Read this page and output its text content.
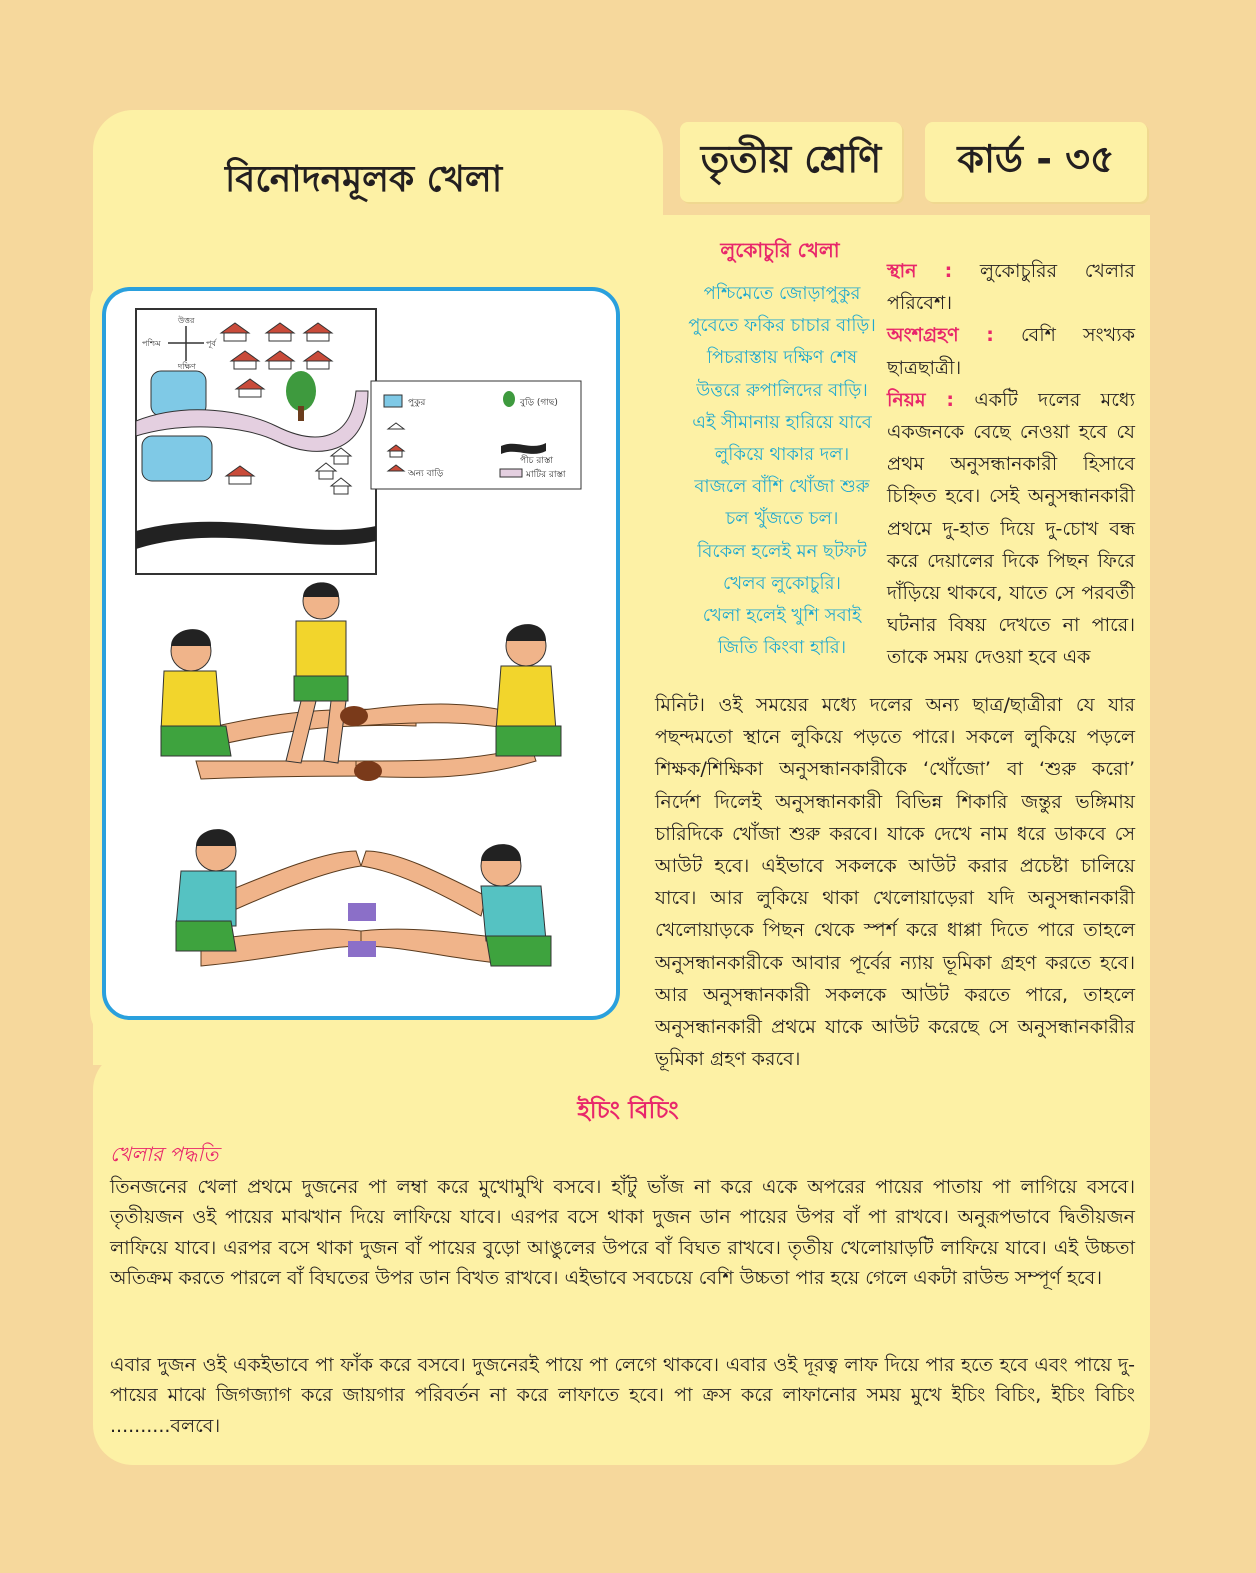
বিনোদনমূলক খেলা	তৃতীয় শ্রেণি	কার্ড - ৩৫
উত্তর
পশ্চিম	পূর্ব
দক্ষিণ
পুকুর	বুড়ি (গাছ)
পীচ রাস্তা
অন্য বাড়ি	মাটির রাস্তা
লুকোচুরি খেলা
পশ্চিমেতে জোড়াপুকুর
পুবেতে ফকির চাচার বাড়ি।
পিচরাস্তায় দক্ষিণ শেষ
উত্তরে রুপালিদের বাড়ি।
এই সীমানায় হারিয়ে যাবে
লুকিয়ে থাকার দল।
বাজলে বাঁশি খোঁজা শুরু
চল খুঁজতে চল।
বিকেল হলেই মন ছটফট
খেলব লুকোচুরি।
খেলা হলেই খুশি সবাই
জিতি কিংবা হারি।

স্থান : লুকোচুরির খেলার পরিবেশ।

অংশগ্রহণ : বেশি সংখ্যক ছাত্রছাত্রী।

নিয়ম : একটি দলের মধ্যে একজনকে বেছে নেওয়া হবে যে প্রথম অনুসন্ধানকারী হিসাবে চিহ্নিত হবে। সেই অনুসন্ধানকারী প্রথমে দু-হাত দিয়ে দু-চোখ বন্ধ করে দেয়ালের দিকে পিছন ফিরে দাঁড়িয়ে থাকবে, যাতে সে পরবর্তী ঘটনার বিষয় দেখতে না পারে। তাকে সময় দেওয়া হবে এক

মিনিট। ওই সময়ের মধ্যে দলের অন্য ছাত্র/ছাত্রীরা যে যার পছন্দমতো স্থানে লুকিয়ে পড়তে পারে। সকলে লুকিয়ে পড়লে শিক্ষক/শিক্ষিকা অনুসন্ধানকারীকে ‘খোঁজো’ বা ‘শুরু করো’ নির্দেশ দিলেই অনুসন্ধানকারী বিভিন্ন শিকারি জন্তুর ভঙ্গিমায় চারিদিকে খোঁজা শুরু করবে। যাকে দেখে নাম ধরে ডাকবে সে আউট হবে। এইভাবে সকলকে আউট করার প্রচেষ্টা চালিয়ে যাবে। আর লুকিয়ে থাকা খেলোয়াড়েরা যদি অনুসন্ধানকারী খেলোয়াড়কে পিছন থেকে স্পর্শ করে ধাপ্পা দিতে পারে তাহলে অনুসন্ধানকারীকে আবার পূর্বের ন্যায় ভূমিকা গ্রহণ করতে হবে। আর অনুসন্ধানকারী সকলকে আউট করতে পারে, তাহলে অনুসন্ধানকারী প্রথমে যাকে আউট করেছে সে অনুসন্ধানকারীর ভূমিকা গ্রহণ করবে।
ইচিং বিচিং
খেলার পদ্ধতি

তিনজনের খেলা প্রথমে দুজনের পা লম্বা করে মুখোমুখি বসবে। হাঁটু ভাঁজ না করে একে অপরের পায়ের পাতায় পা লাগিয়ে বসবে। তৃতীয়জন ওই পায়ের মাঝখান দিয়ে লাফিয়ে যাবে। এরপর বসে থাকা দুজন ডান পায়ের উপর বাঁ পা রাখবে। অনুরূপভাবে দ্বিতীয়জন লাফিয়ে যাবে। এরপর বসে থাকা দুজন বাঁ পায়ের বুড়ো আঙুলের উপরে বাঁ বিঘত রাখবে। তৃতীয় খেলোয়াড়টি লাফিয়ে যাবে। এই উচ্চতা অতিক্রম করতে পারলে বাঁ বিঘতের উপর ডান বিখত রাখবে। এইভাবে সবচেয়ে বেশি উচ্চতা পার হয়ে গেলে একটা রাউন্ড সম্পূর্ণ হবে।

এবার দুজন ওই একইভাবে পা ফাঁক করে বসবে। দুজনেরই পায়ে পা লেগে থাকবে। এবার ওই দূরত্ব লাফ দিয়ে পার হতে হবে এবং পায়ে দু-পায়ের মাঝে জিগজ্যাগ করে জায়গার পরিবর্তন না করে লাফাতে হবে। পা ক্রস করে লাফানোর সময় মুখে ইচিং বিচিং, ইচিং বিচিং ..........বলবে।
